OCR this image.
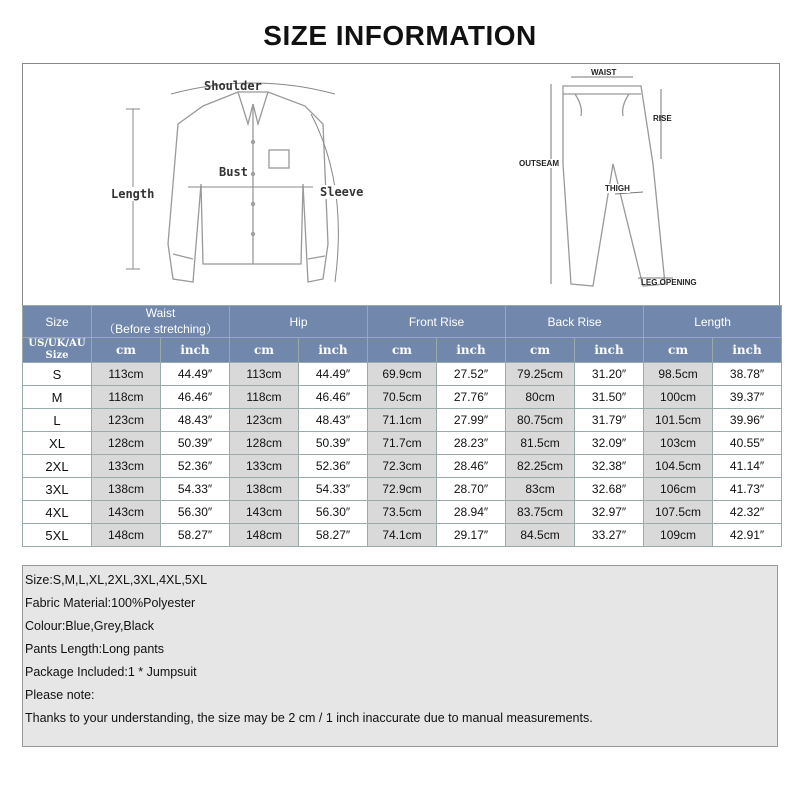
SIZE INFORMATION
Shoulder
Bust
Length	Sleeve
WAIST
RISE
OUTSEAM
THIGH
LEG OPENING
Size	Waist
（Before stretching）		Hip		Front Rise		Back Rise		Length	

US/UK/AU
Size	cm	inch	cm	inch	cm	inch	cm	inch	cm	inch
S	113cm	44.49″	113cm	44.49″	69.9cm	27.52″	79.25cm	31.20″	98.5cm	38.78″
M	118cm	46.46″	118cm	46.46″	70.5cm	27.76″	80cm	31.50″	100cm	39.37″
L	123cm	48.43″	123cm	48.43″	71.1cm	27.99″	80.75cm	31.79″	101.5cm	39.96″
XL	128cm	50.39″	128cm	50.39″	71.7cm	28.23″	81.5cm	32.09″	103cm	40.55″
2XL	133cm	52.36″	133cm	52.36″	72.3cm	28.46″	82.25cm	32.38″	104.5cm	41.14″
3XL	138cm	54.33″	138cm	54.33″	72.9cm	28.70″	83cm	32.68″	106cm	41.73″
4XL	143cm	56.30″	143cm	56.30″	73.5cm	28.94″	83.75cm	32.97″	107.5cm	42.32″
5XL	148cm	58.27″	148cm	58.27″	74.1cm	29.17″	84.5cm	33.27″	109cm	42.91″
Size:S,M,L,XL,2XL,3XL,4XL,5XL
Fabric Material:100%Polyester
Colour:Blue,Grey,Black
Pants Length:Long pants
Package Included:1 * Jumpsuit
Please note:
Thanks to your understanding, the size may be 2 cm / 1 inch inaccurate due to manual measurements.
